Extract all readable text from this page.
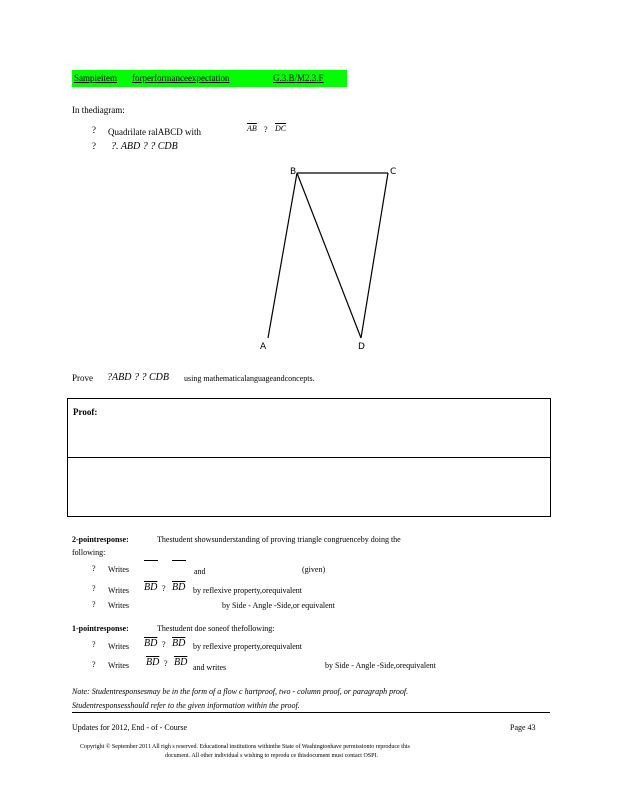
Sampleitem forperformanceexpectation	G.3.B/M2.3.F
In thediagram:
? Quadrilate ralABCD with	$\overline{AB}$ ? $\overline{DC}$
? ?. ABD ? ? CDB
B	C
A	D
Prove ?ABD ? ? CDB using mathematicalanguageandconcepts.
Proof:
2-pointresponse:	Thestudent showsunderstanding of proving triangle congruenceby doing the
following:
? Writes	and	(given)
? Writes $\overline{BD}$ ? $\overline{BD}$ by reflexive property,orequivalent
? Writes	by Side - Angle -Side,or equivalent
1-pointresponse:	Thestudent doe soneof thefollowing:
? Writes $\overline{BD}$ ? $\overline{BD}$ by reflexive property,orequivalent
? Writes $\overline{BD}$ ? $\overline{BD}$ and writes	by Side - Angle -Side,orequivalent
Note: Studentresponsesmay be in the form of a flow c hartproof, two - column proof, or paragraph proof.
Studentresponsesshould refer to the given information within the proof.
Updates for 2012, End - of - Course	Page 43
Copyright © September 2011 All righ s reserved. Educational institutions withinthe State of Washingtonhave permissionto reproduce this
document. All other individual s wishing to reprodu ce thisdocument must contact OSPI.
